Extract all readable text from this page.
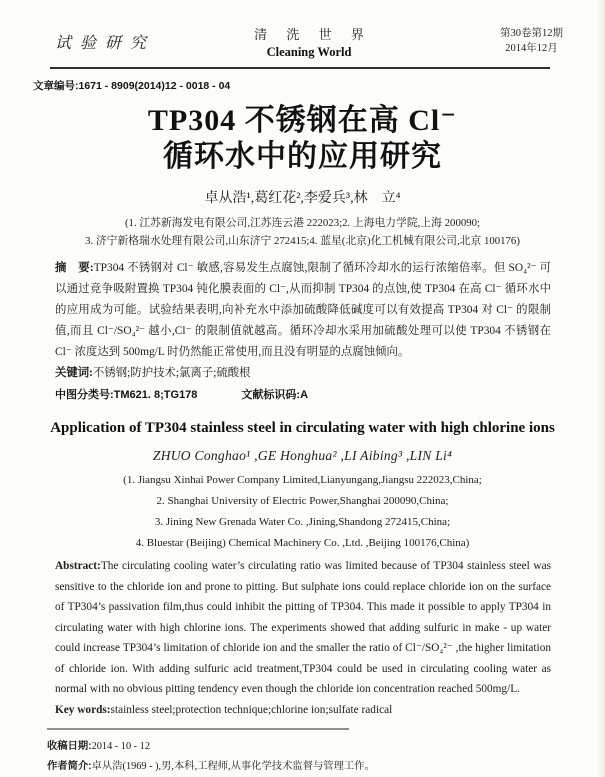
试验研究
清 洗 世 界
Cleaning World
第30卷第12期
2014年12月
文章编号:1671 - 8909(2014)12 - 0018 - 04
TP304 不锈钢在高 Cl⁻
循环水中的应用研究
卓从浩¹,葛红花²,李爱兵³,林　立⁴
(1. 江苏新海发电有限公司,江苏连云港 222023;2. 上海电力学院,上海 200090;
3. 济宁新格瑞水处理有限公司,山东济宁 272415;4. 蓝星(北京)化工机械有限公司,北京 100176)

摘　要:TP304 不锈钢对 Cl⁻ 敏感,容易发生点腐蚀,限制了循环冷却水的运行浓缩倍率。但 SO₄²⁻ 可以通过竞争吸附置换 TP304 钝化膜表面的 Cl⁻,从而抑制 TP304 的点蚀,使 TP304 在高 Cl⁻ 循环水中的应用成为可能。试验结果表明,向补充水中添加硫酸降低碱度可以有效提高 TP304 对 Cl⁻ 的限制值,而且 Cl⁻/SO₄²⁻ 越小,Cl⁻ 的限制值就越高。循环冷却水采用加硫酸处理可以使 TP304 不锈钢在 Cl⁻ 浓度达到 500mg/L 时仍然能正常使用,而且没有明显的点腐蚀倾向。

关键词:不锈钢;防护技术;氯离子;硫酸根

中图分类号:TM621. 8;TG178	文献标识码:A
Application of TP304 stainless steel in circulating water with high chlorine ions
ZHUO Conghao¹ ,GE Honghua² ,LI Aibing³ ,LIN Li⁴
(1. Jiangsu Xinhai Power Company Limited,Lianyungang,Jiangsu 222023,China;
2. Shanghai University of Electric Power,Shanghai 200090,China;
3. Jining New Grenada Water Co. ,Jining,Shandong 272415,China;
4. Bluestar (Beijing) Chemical Machinery Co. ,Ltd. ,Beijing 100176,China)

Abstract:The circulating cooling water’s circulating ratio was limited because of TP304 stainless steel was sensitive to the chloride ion and prone to pitting. But sulphate ions could replace chloride ion on the surface of TP304’s passivation film,thus could inhibit the pitting of TP304. This made it possible to apply TP304 in circulating water with high chlorine ions. The experiments showed that adding sulfuric in make - up water could increase TP304’s limitation of chloride ion and the smaller the ratio of Cl⁻/SO₄²⁻ ,the higher limitation of chloride ion. With adding sulfuric acid treatment,TP304 could be used in circulating cooling water as normal with no obvious pitting tendency even though the chloride ion concentration reached 500mg/L.

Key words:stainless steel;protection technique;chlorine ion;sulfate radical

收稿日期:2014 - 10 - 12
作者简介:卓从浩(1969 - ),男,本科,工程师,从事化学技术监督与管理工作。
